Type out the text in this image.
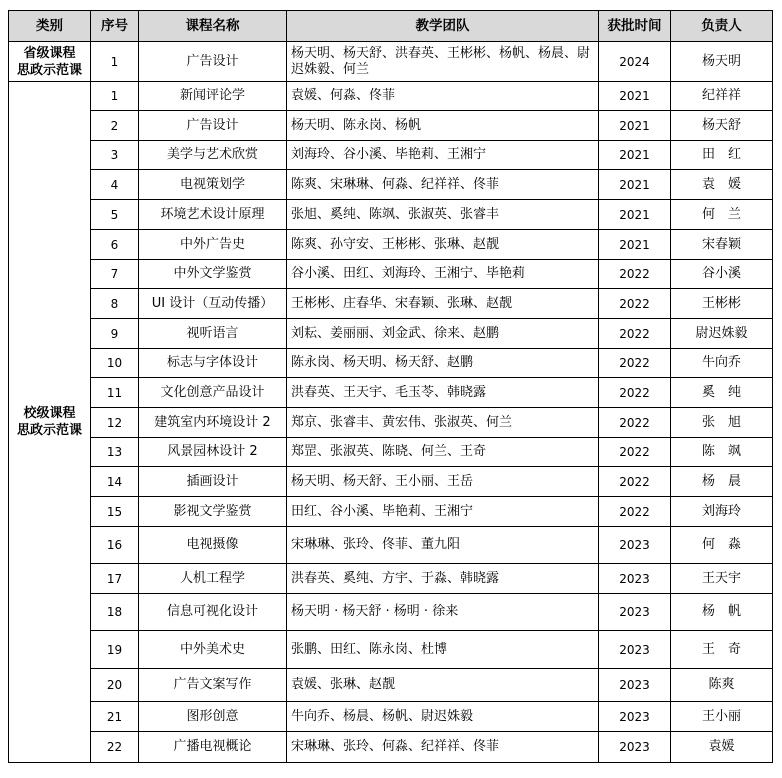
类别	序号	课程名称	教学团队	获批时间	负责人

省级课程
思政示范课	1	广告设计	杨天明、杨天舒、洪春英、王彬彬、杨帆、杨晨、尉迟姝毅、何兰	2024	杨天明

校级课程
思政示范课	1	新闻评论学	袁媛、何淼、佟菲	2021	纪祥祥
	2	广告设计	杨天明、陈永岗、杨帆	2021	杨天舒
	3	美学与艺术欣赏	刘海玲、谷小溪、毕艳莉、王湘宁	2021	田　红
	4	电视策划学	陈爽、宋琳琳、何淼、纪祥祥、佟菲	2021	袁　媛
	5	环境艺术设计原理	张旭、奚纯、陈飒、张淑英、张睿丰	2021	何　兰
	6	中外广告史	陈爽、孙守安、王彬彬、张琳、赵靓	2021	宋春颖
	7	中外文学鉴赏	谷小溪、田红、刘海玲、王湘宁、毕艳莉	2022	谷小溪
	8	UI 设计（互动传播）	王彬彬、庄春华、宋春颖、张琳、赵靓	2022	王彬彬
	9	视听语言	刘耘、姜丽丽、刘金武、徐来、赵鹏	2022	尉迟姝毅
	10	标志与字体设计	陈永岗、杨天明、杨天舒、赵鹏	2022	牛向乔
	11	文化创意产品设计	洪春英、王天宇、毛玉苓、韩晓露	2022	奚　纯
	12	建筑室内环境设计 2	郑京、张睿丰、黄宏伟、张淑英、何兰	2022	张　旭
	13	风景园林设计 2	郑罡、张淑英、陈晓、何兰、王奇	2022	陈　飒
	14	插画设计	杨天明、杨天舒、王小丽、王岳	2022	杨　晨
	15	影视文学鉴赏	田红、谷小溪、毕艳莉、王湘宁	2022	刘海玲
	16	电视摄像	宋琳琳、张玲、佟菲、董九阳	2023	何　淼
	17	人机工程学	洪春英、奚纯、方宇、于淼、韩晓露	2023	王天宇
	18	信息可视化设计	杨天明 · 杨天舒 · 杨明 · 徐来	2023	杨　帆
	19	中外美术史	张鹏、田红、陈永岗、杜博	2023	王　奇
	20	广告文案写作	袁媛、张琳、赵靓	2023	陈爽
	21	图形创意	牛向乔、杨晨、杨帆、尉迟姝毅	2023	王小丽
	22	广播电视概论	宋琳琳、张玲、何淼、纪祥祥、佟菲	2023	袁媛
